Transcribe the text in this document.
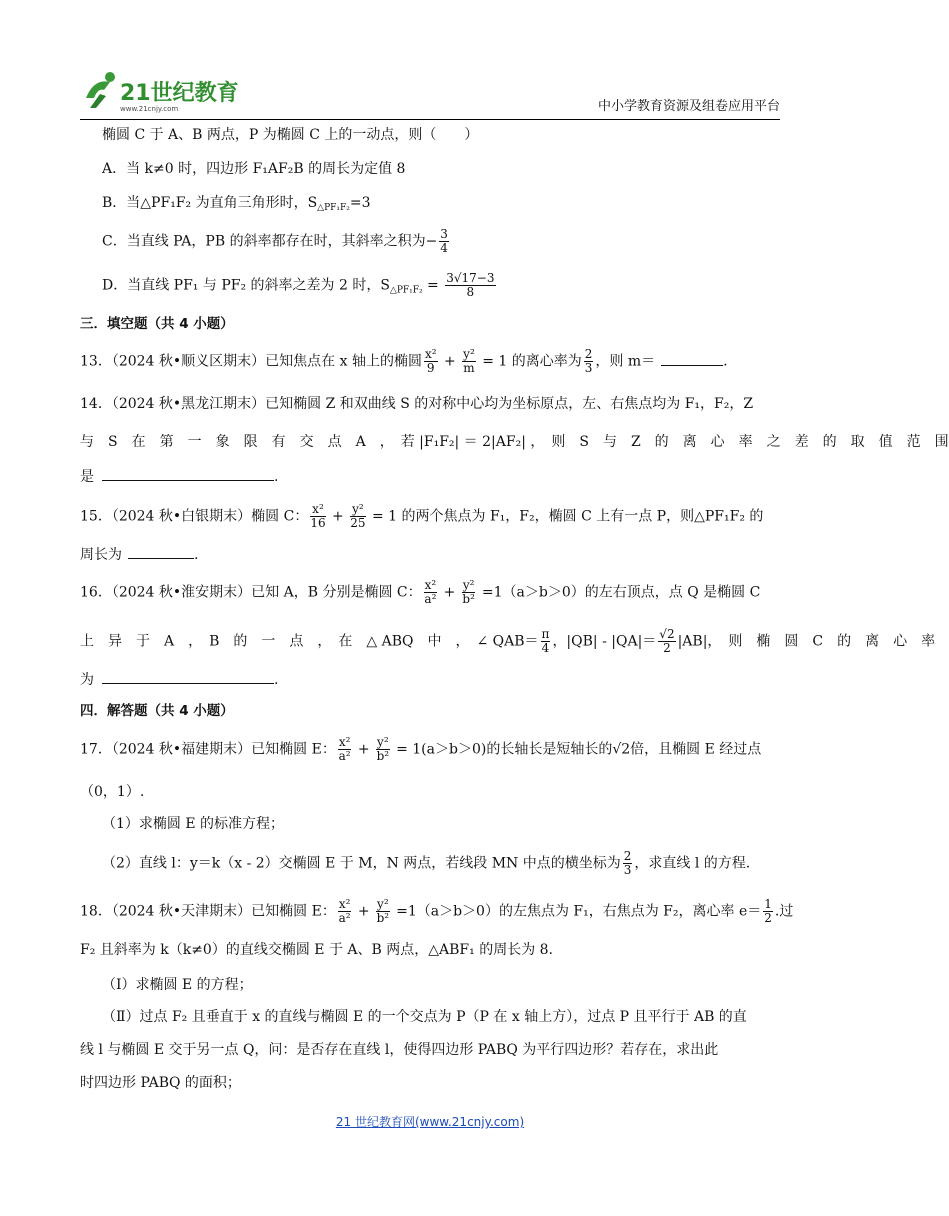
21世纪教育
www.21cnjy.com	中小学教育资源及组卷应用平台
椭圆 C 于 A、B 两点，P 为椭圆 C 上的一动点，则（　　）
A．当 k≠0 时，四边形 F₁AF₂B 的周长为定值 8
B．当△PF₁F₂ 为直角三角形时，$S_{\triangle PF_1F_2}=3$
C．当直线 PA，PB 的斜率都存在时，其斜率之积为− $\frac{3}{4}$
D．当直线 PF₁ 与 PF₂ 的斜率之差为 2 时，$S_{\triangle PF_1F_2} = \frac{3√17-3}{8}$
三．填空题（共 4 小题）
13．（2024 秋•顺义区期末）已知焦点在 x 轴上的椭圆 $\frac{\text{x²}}{9} + \frac{\text{y²}}{m} = 1$ 的离心率为 $\frac{2}{3}$ ，则 m＝	.
14．（2024 秋•黑龙江期末）已知椭圆 Z 和双曲线 S 的对称中心均为坐标原点，左、右焦点均为 F₁，F₂，Z
与　S　在　第　一　象　限　有　交　点　A　，　若 |F₁F₂| ＝ 2|AF₂| ，　则　S　与　Z　的　离　心　率　之　差　的　取　值　范　围
是	.
15．（2024 秋•白银期末）椭圆 C： $\frac{\text{x²}}{16} + \frac{\text{y²}}{25} = 1$ 的两个焦点为 F₁，F₂，椭圆 C 上有一点 P，则△PF₁F₂ 的
周长为	.
16．（2024 秋•淮安期末）已知 A，B 分别是椭圆 C： $\frac{\text{x²}}{\text{a²}} + \frac{\text{y²}}{\text{b²}} =1(a>b>0)$的左右顶点，点 Q 是椭圆 C
上　异　于　A　，　B　的　一　点　，　在　△ ABQ　中　，　∠ $QAB= \frac{\pi}{4}$ ，$|QB| - |QA|= \frac{√2}{2} |AB|$，　则　椭　圆　C　的　离　心　率
为	.
四．解答题（共 4 小题）
17．（2024 秋•福建期末）已知椭圆 E： $\frac{\text{x²}}{\text{a²}} + \frac{\text{y²}}{\text{b²}} = 1(a>b>0)$的长轴长是短轴长的√2倍，且椭圆 E 经过点
（0，1）.
（1）求椭圆 E 的标准方程；
（2）直线 l：y＝k（x - 2）交椭圆 E 于 M，N 两点，若线段 MN 中点的横坐标为 $\frac{2}{3}$ ，求直线 l 的方程.
18．（2024 秋•天津期末）已知椭圆 E： $\frac{\text{x²}}{\text{a²}} + \frac{\text{y²}}{\text{b²}} =1(a>b>0)$的左焦点为 F₁，右焦点为 F₂，离心率 $e= \frac{1}{2}$ .过
F₂ 且斜率为 k（k≠0）的直线交椭圆 E 于 A、B 两点，△ABF₁ 的周长为 8.
（Ⅰ）求椭圆 E 的方程；
（Ⅱ）过点 F₂ 且垂直于 x 的直线与椭圆 E 的一个交点为 P（P 在 x 轴上方），过点 P 且平行于 AB 的直
线 l 与椭圆 E 交于另一点 Q，问：是否存在直线 l，使得四边形 PABQ 为平行四边形？若存在，求出此
时四边形 PABQ 的面积；
21 世纪教育网(www.21cnjy.com)
